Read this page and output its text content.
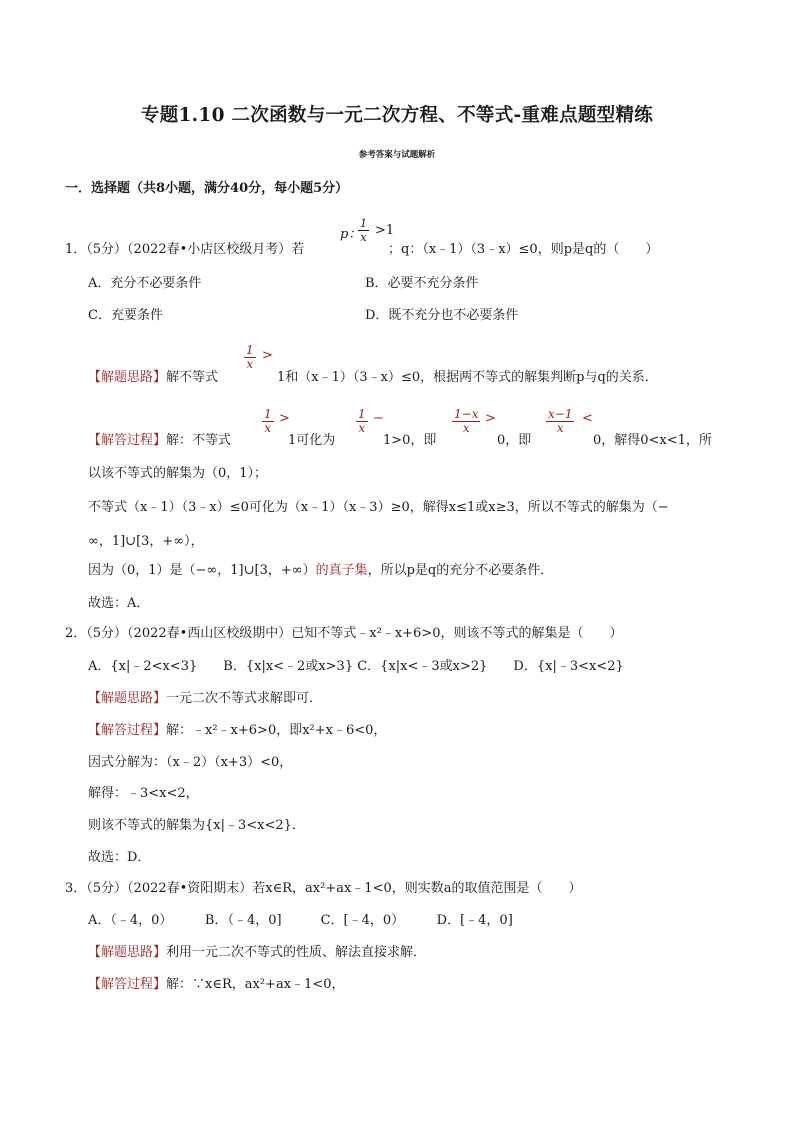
专题1.10 二次函数与一元二次方程、不等式-重难点题型精练
参考答案与试题解析
一．选择题（共8小题，满分40分，每小题5分）
1．（5分）（2022春•小店区校级月考）若
p：
$\frac{1}{x} >1$
；q：（x﹣1）（3﹣x）≤0，则p是q的（　　）
A．充分不必要条件	B．必要不充分条件
C．充要条件	D．既不充分也不必要条件
【解题思路】解不等式
$\frac{1}{x}$ >
1和（x﹣1）（3﹣x）≤0，根据两不等式的解集判断p与q的关系．
【解答过程】解：不等式
$\frac{1}{x}$ >
1可化为
$\frac{1}{x}$ −
1>0，即
$\frac{1-x}{x}$ >
0，即
$\frac{x-1}{x}$ <
0，解得0<x<1，所
以该不等式的解集为（0，1）；
不等式（x﹣1）（3﹣x）≤0可化为（x﹣1）（x﹣3）≥0，解得x≤1或x≥3，所以不等式的解集为（−
∞，1]∪[3，+∞），
因为（0，1）是（−∞，1]∪[3，+∞）的真子集，所以p是q的充分不必要条件．
故选：A．
2．（5分）（2022春•西山区校级期中）已知不等式﹣x²﹣x+6>0，则该不等式的解集是（　　）
A．{x|﹣2<x<3}　　B．{x|x<﹣2或x>3} C．{x|x<﹣3或x>2}　　D．{x|﹣3<x<2}
【解题思路】一元二次不等式求解即可．
【解答过程】解：﹣x²﹣x+6>0，即x²+x﹣6<0，
因式分解为：（x﹣2）（x+3）<0，
解得：﹣3<x<2，
则该不等式的解集为{x|﹣3<x<2}．
故选：D．
3．（5分）（2022春•资阳期末）若x∈R，ax²+ax﹣1<0，则实数a的取值范围是（　　）
A．（﹣4，0）　　　B．（﹣4，0]　　　C．[﹣4，0）　　　D．[﹣4，0]
【解题思路】利用一元二次不等式的性质、解法直接求解．
【解答过程】解：∵x∈R，ax²+ax﹣1<0，
